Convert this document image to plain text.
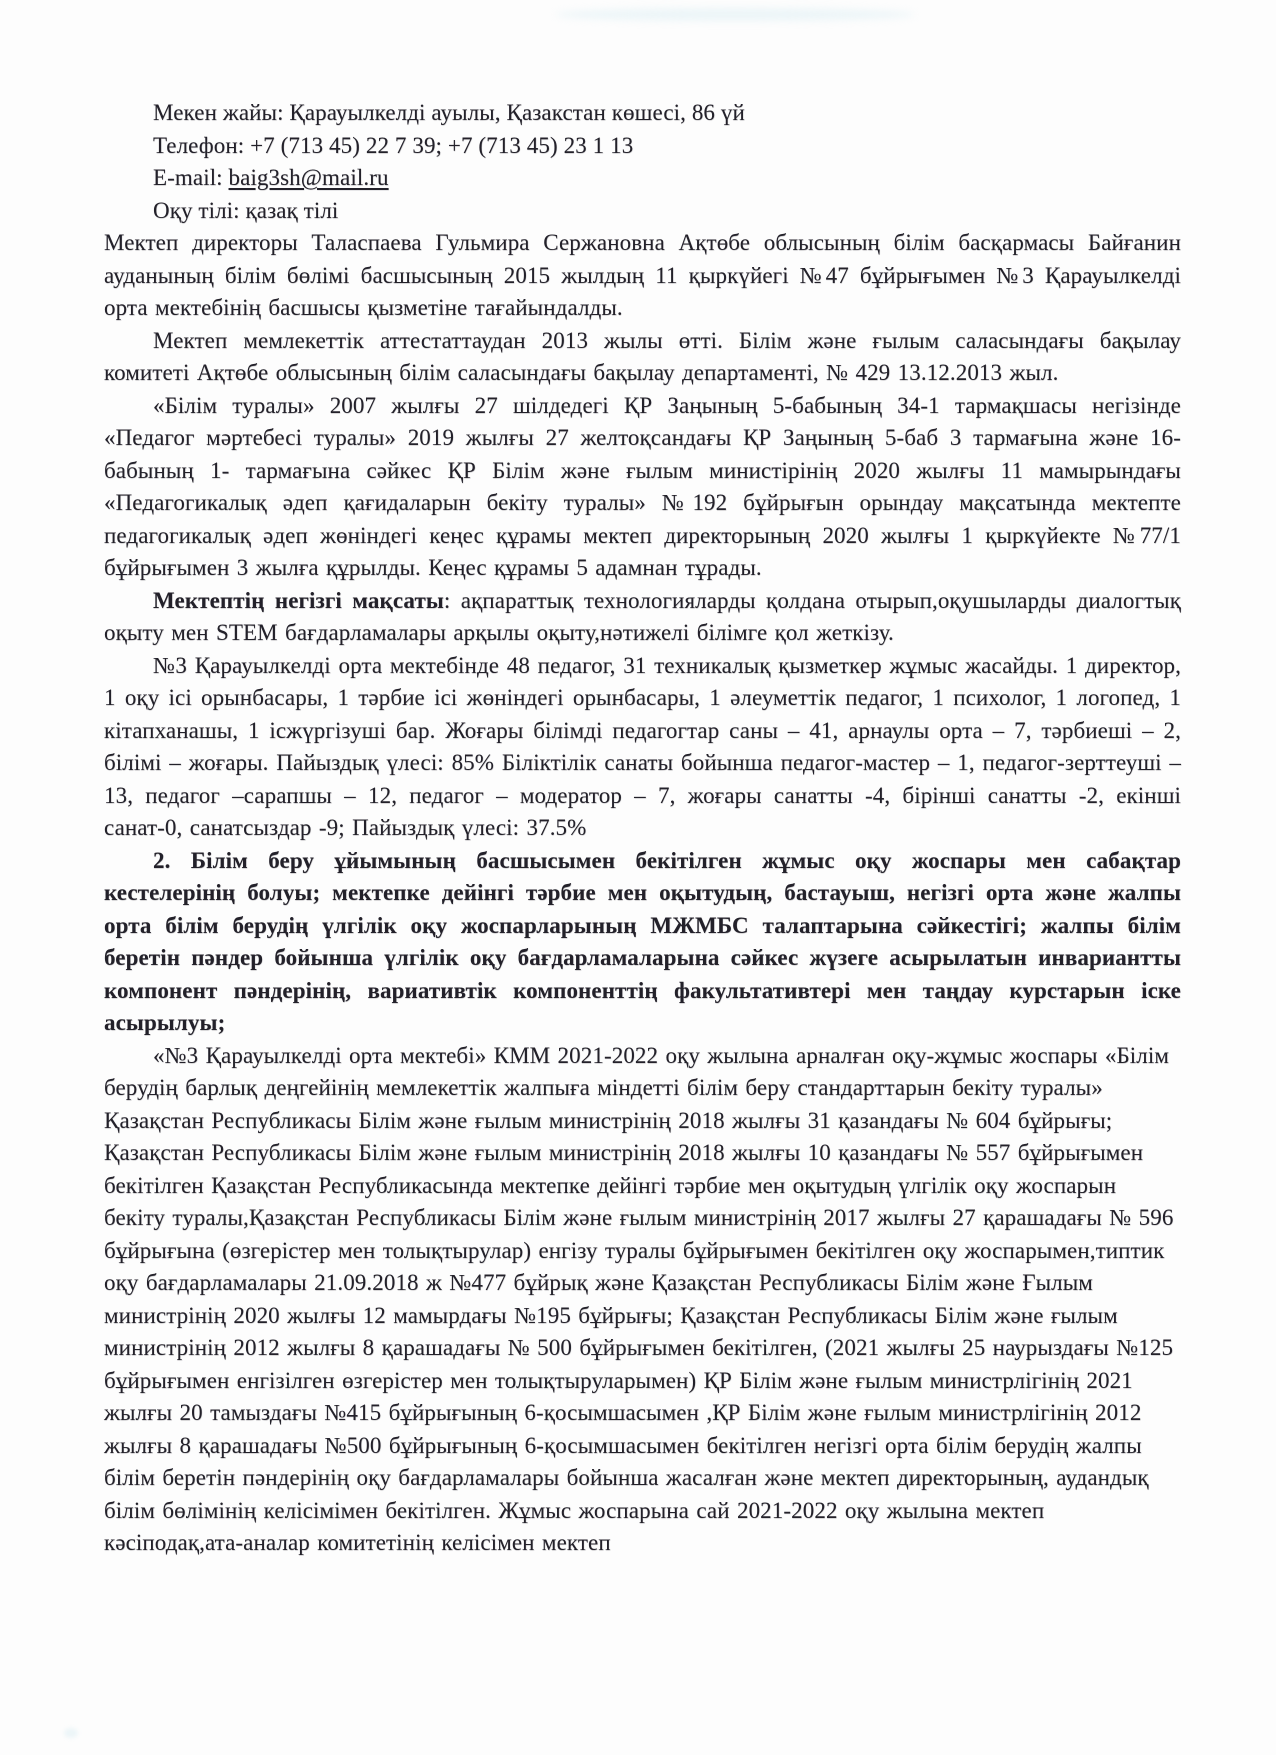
Мекен жайы: Қарауылкелді ауылы, Қазакстан көшесі, 86 үй

Телефон: +7 (713 45) 22 7 39; +7 (713 45) 23 1 13

E-mail: baig3sh@mail.ru

Оқу тілі: қазақ тілі

Мектеп директоры Таласпаева Гульмира Сержановна Ақтөбе облысының білім басқармасы Байғанин ауданының білім бөлімі басшысының 2015 жылдың 11 қыркүйегі №47 бұйрығымен №3 Қарауылкелді орта мектебінің басшысы қызметіне тағайындалды.

Мектеп мемлекеттік аттестаттаудан 2013 жылы өтті. Білім және ғылым саласындағы бақылау комитеті Ақтөбе облысының білім саласындағы бақылау департаменті, № 429 13.12.2013 жыл.

«Білім туралы» 2007 жылғы 27 шілдедегі ҚР Заңының 5-бабының 34-1 тармақшасы негізінде «Педагог мәртебесі туралы» 2019 жылғы 27 желтоқсандағы ҚР Заңының 5-баб 3 тармағына және 16-бабының 1- тармағына сәйкес ҚР Білім және ғылым министірінің 2020 жылғы 11 мамырындағы «Педагогикалық әдеп қағидаларын бекіту туралы» №192 бұйрығын орындау мақсатында мектепте педагогикалық әдеп жөніндегі кеңес құрамы мектеп директорының 2020 жылғы 1 қыркүйекте №77/1 бұйрығымен 3 жылға құрылды. Кеңес құрамы 5 адамнан тұрады.

Мектептің негізгі мақсаты: ақпараттық технологияларды қолдана отырып,оқушыларды диалогтық оқыту мен STEM бағдарламалары арқылы оқыту,нәтижелі білімге қол жеткізу.

№3 Қарауылкелді орта мектебінде 48 педагог, 31 техникалық қызметкер жұмыс жасайды. 1 директор, 1 оқу ісі орынбасары, 1 тәрбие ісі жөніндегі орынбасары, 1 әлеуметтік педагог, 1 психолог, 1 логопед, 1 кітапханашы, 1 ісжүргізуші бар. Жоғары білімді педагогтар саны – 41, арнаулы орта – 7, тәрбиеші – 2, білімі – жоғары. Пайыздық үлесі: 85% Біліктілік санаты бойынша педагог-мастер – 1, педагог-зерттеуші – 13, педагог –сарапшы – 12, педагог – модератор – 7, жоғары санатты -4, бірінші санатты -2, екінші санат-0, санатсыздар -9; Пайыздық үлесі: 37.5%

2. Білім беру ұйымының басшысымен бекітілген жұмыс оқу жоспары мен сабақтар кестелерінің болуы; мектепке дейінгі тәрбие мен оқытудың, бастауыш, негізгі орта және жалпы орта білім берудің үлгілік оқу жоспарларының МЖМБС талаптарына сәйкестігі; жалпы білім беретін пәндер бойынша үлгілік оқу бағдарламаларына сәйкес жүзеге асырылатын инвариантты компонент пәндерінің, вариативтік компоненттің факультативтері мен таңдау курстарын іске асырылуы;

«№3 Қарауылкелді орта мектебі» КММ 2021-2022 оқу жылына арналған оқу-жұмыс жоспары «Білім берудің барлық деңгейінің мемлекеттік жалпыға міндетті білім беру стандарттарын бекіту туралы» Қазақстан Республикасы Білім және ғылым министрінің 2018 жылғы 31 қазандағы № 604 бұйрығы; Қазақстан Республикасы Білім және ғылым министрінің 2018 жылғы 10 қазандағы № 557 бұйрығымен бекітілген Қазақстан Республикасында мектепке дейінгі тәрбие мен оқытудың үлгілік оқу жоспарын бекіту туралы,Қазақстан Республикасы Білім және ғылым министрінің 2017 жылғы 27 қарашадағы № 596 бұйрығына (өзгерістер мен толықтырулар) енгізу туралы бұйрығымен бекітілген оқу жоспарымен,типтик оқу бағдарламалары 21.09.2018 ж №477 бұйрық және Қазақстан Республикасы Білім және Ғылым министрінің 2020 жылғы 12 мамырдағы №195 бұйрығы; Қазақстан Республикасы Білім және ғылым министрінің 2012 жылғы 8 қарашадағы № 500 бұйрығымен бекітілген, (2021 жылғы 25 наурыздағы №125 бұйрығымен енгізілген өзгерістер мен толықтыруларымен) ҚР Білім және ғылым министрлігінің 2021 жылғы 20 тамыздағы №415 бұйрығының 6-қосымшасымен ,ҚР Білім және ғылым министрлігінің 2012 жылғы 8 қарашадағы №500 бұйрығының 6-қосымшасымен бекітілген негізгі орта білім берудің жалпы білім беретін пәндерінің оқу бағдарламалары бойынша жасалған және мектеп директорының, аудандық білім бөлімінің келісімімен бекітілген. Жұмыс жоспарына сай 2021-2022 оқу жылына мектеп кәсіподақ,ата-аналар комитетінің келісімен мектеп
